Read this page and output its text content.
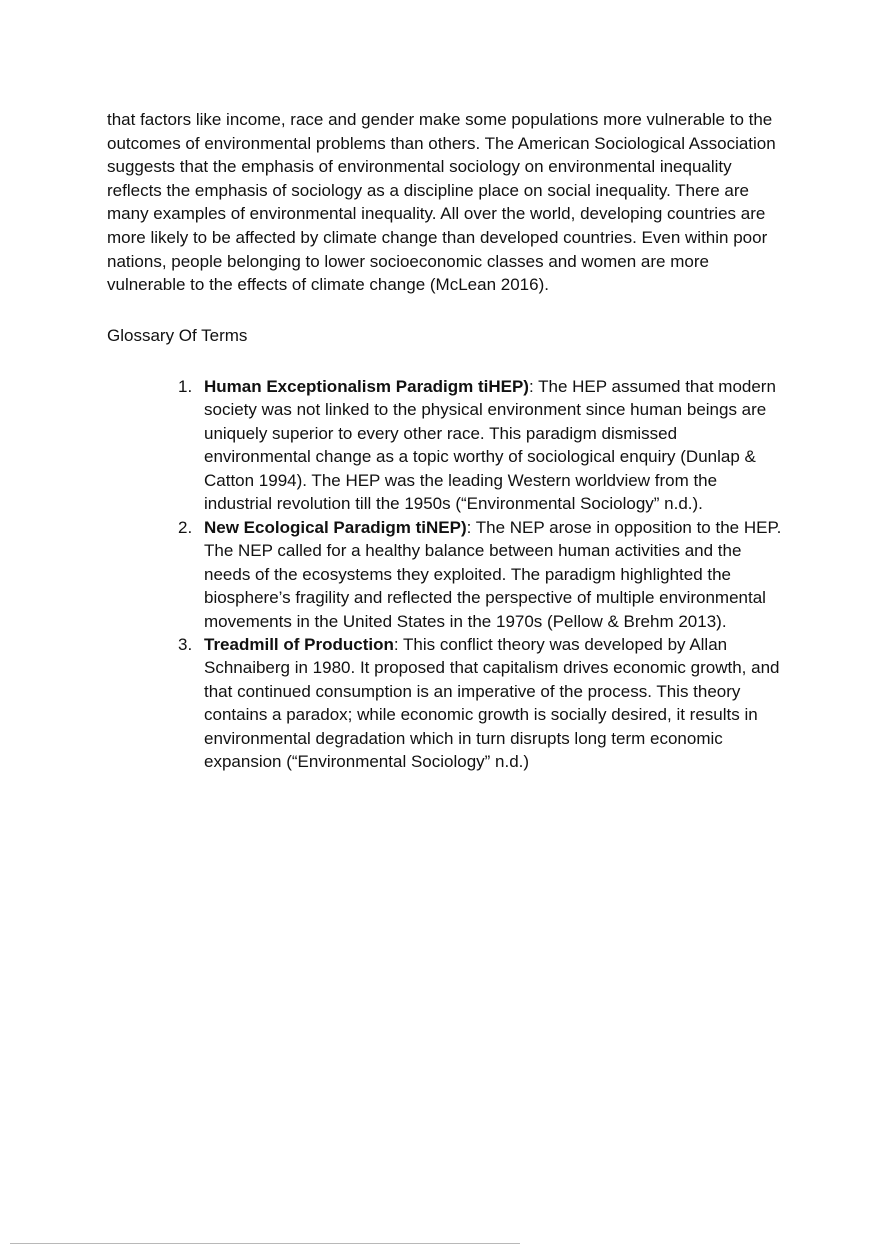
that factors like income, race and gender make some populations more vulnerable to the outcomes of environmental problems than others. The American Sociological Association suggests that the emphasis of environmental sociology on environmental inequality reflects the emphasis of sociology as a discipline place on social inequality. There are many examples of environmental inequality. All over the world, developing countries are more likely to be affected by climate change than developed countries. Even within poor nations, people belonging to lower socioeconomic classes and women are more vulnerable to the effects of climate change (McLean 2016).

Glossary Of Terms
1. Human Exceptionalism Paradigm tiHEP): The HEP assumed that modern society was not linked to the physical environment since human beings are uniquely superior to every other race. This paradigm dismissed environmental change as a topic worthy of sociological enquiry (Dunlap & Catton 1994). The HEP was the leading Western worldview from the industrial revolution till the 1950s (“Environmental Sociology” n.d.).
2. New Ecological Paradigm tiNEP): The NEP arose in opposition to the HEP. The NEP called for a healthy balance between human activities and the needs of the ecosystems they exploited. The paradigm highlighted the biosphere’s fragility and reflected the perspective of multiple environmental movements in the United States in the 1970s (Pellow & Brehm 2013).
3. Treadmill of Production: This conflict theory was developed by Allan Schnaiberg in 1980. It proposed that capitalism drives economic growth, and that continued consumption is an imperative of the process. This theory contains a paradox; while economic growth is socially desired, it results in environmental degradation which in turn disrupts long term economic expansion (“Environmental Sociology” n.d.)
